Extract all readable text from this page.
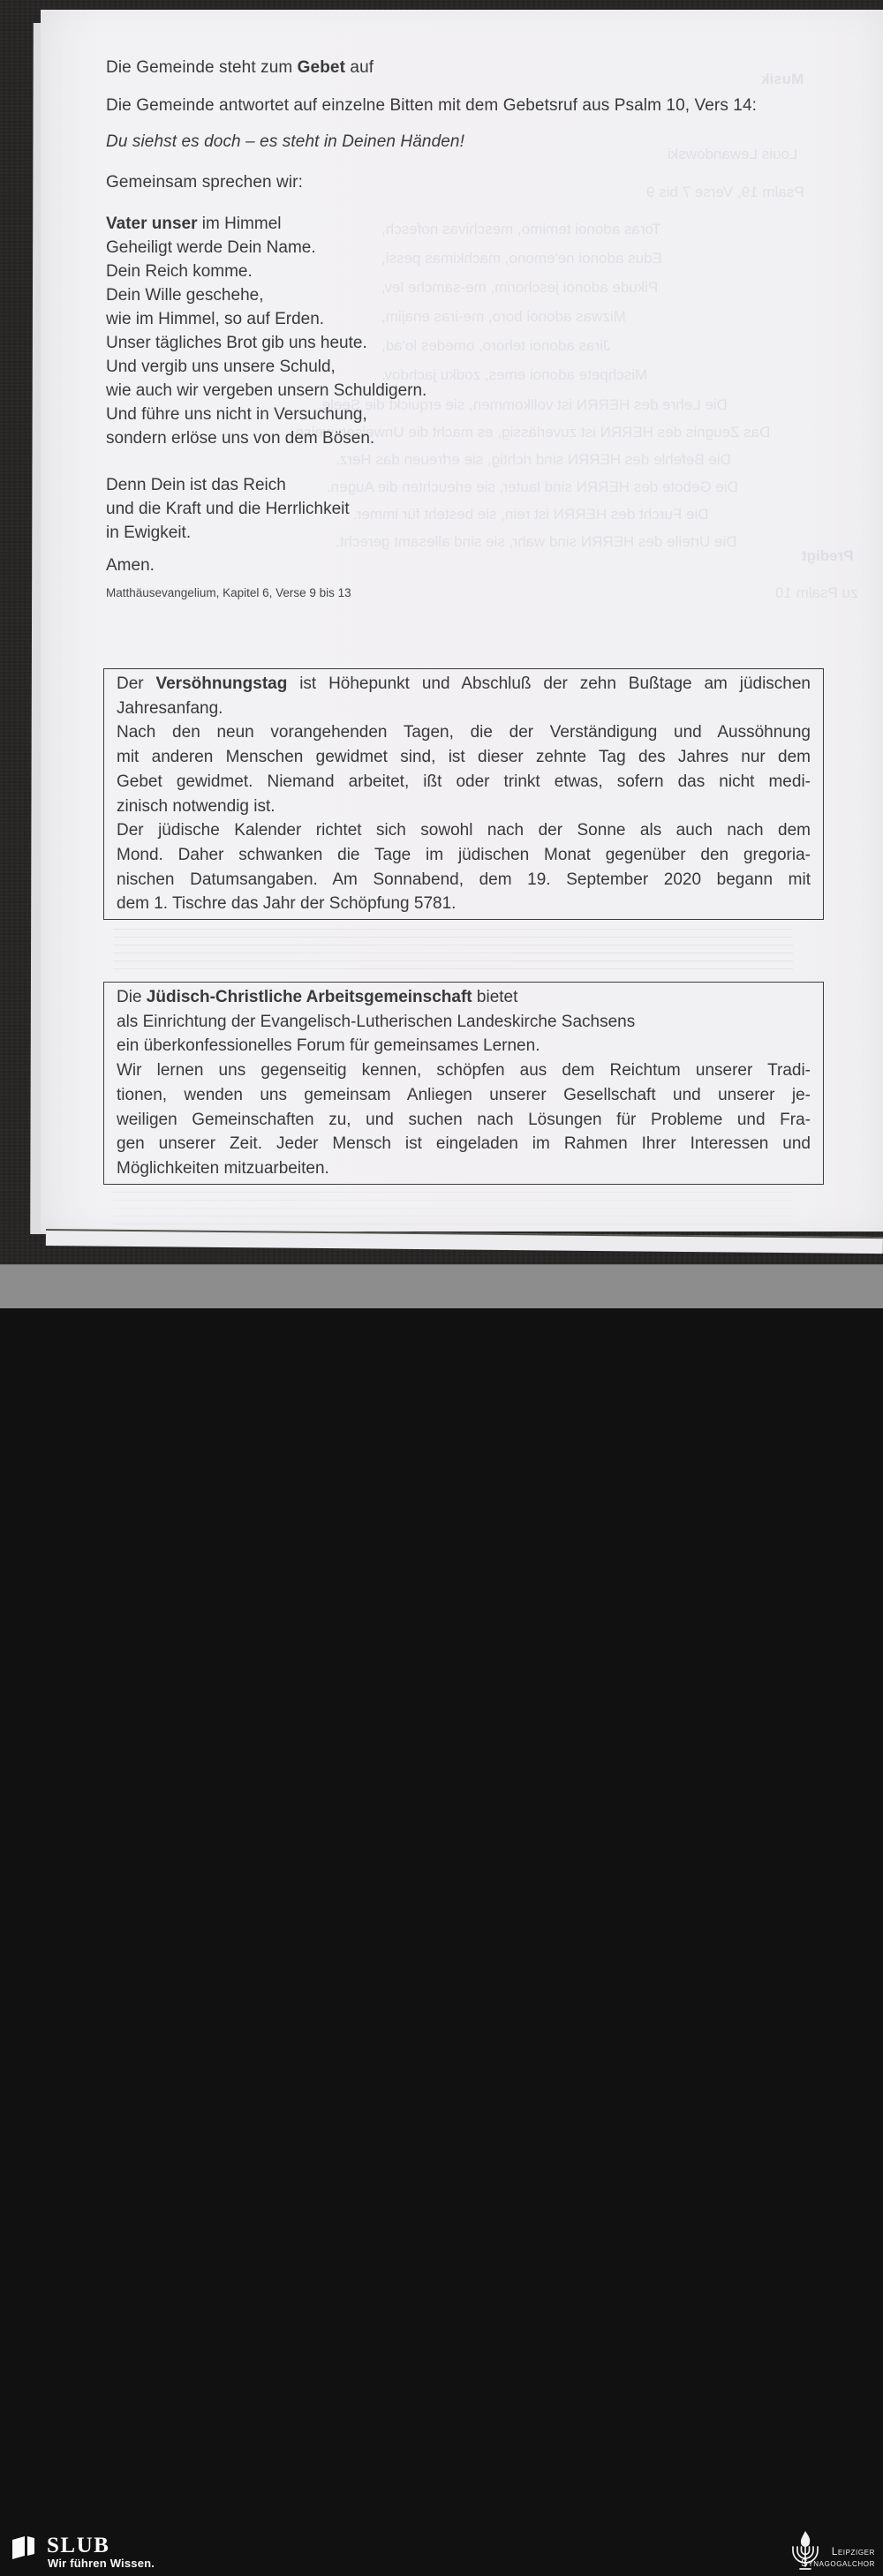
Musik
Louis Lewandowski
Psalm 19, Verse 7 bis 9
Toras adonoi temimo, meschivas nofesch,
Edus adonoi ne'emono, machkimas pessi,
Pikude adonoi jeschorim, me-samche lev,
Mizwas adonoi boro, me-iras enajim,
Jiras adonoi tehoro, omedes lo'ad,
Mischpete adonoi emes, zodku jachdov.
Die Lehre des HERRN ist vollkommen, sie erquickt die Seele.
Das Zeugnis des HERRN ist zuverlässig, es macht die Unweisen weise.
Die Befehle des HERRN sind richtig, sie erfreuen das Herz.
Die Gebote des HERRN sind lauter, sie erleuchten die Augen.
Die Furcht des HERRN ist rein, sie besteht für immer.
Die Urteile des HERRN sind wahr, sie sind allesamt gerecht.
Predigt
zu Psalm 10
Die Gemeinde steht zum Gebet auf
Die Gemeinde antwortet auf einzelne Bitten mit dem Gebetsruf aus Psalm 10, Vers 14:
Du siehst es doch – es steht in Deinen Händen!
Gemeinsam sprechen wir:
Vater unser im Himmel
Geheiligt werde Dein Name.
Dein Reich komme.
Dein Wille geschehe,
wie im Himmel, so auf Erden.
Unser tägliches Brot gib uns heute.
Und vergib uns unsere Schuld,
wie auch wir vergeben unsern Schuldigern.
Und führe uns nicht in Versuchung,
sondern erlöse uns von dem Bösen.
Denn Dein ist das Reich
und die Kraft und die Herrlichkeit
in Ewigkeit.
Amen.
Matthäusevangelium, Kapitel 6, Verse 9 bis 13
Der Versöhnungstag ist Höhepunkt und Abschluß der zehn Bußtage am jüdischen
Jahresanfang.
Nach den neun vorangehenden Tagen, die der Verständigung und Aussöhnung
mit anderen Menschen gewidmet sind, ist dieser zehnte Tag des Jahres nur dem
Gebet gewidmet. Niemand arbeitet, ißt oder trinkt etwas, sofern das nicht medi-
zinisch notwendig ist.
Der jüdische Kalender richtet sich sowohl nach der Sonne als auch nach dem
Mond. Daher schwanken die Tage im jüdischen Monat gegenüber den gregoria-
nischen Datumsangaben. Am Sonnabend, dem 19. September 2020 begann mit
dem 1. Tischre das Jahr der Schöpfung 5781.
Die Jüdisch-Christliche Arbeitsgemeinschaft bietet
als Einrichtung der Evangelisch-Lutherischen Landeskirche Sachsens
ein überkonfessionelles Forum für gemeinsames Lernen.
Wir lernen uns gegenseitig kennen, schöpfen aus dem Reichtum unserer Tradi-
tionen, wenden uns gemeinsam Anliegen unserer Gesellschaft und unserer je-
weiligen Gemeinschaften zu, und suchen nach Lösungen für Probleme und Fra-
gen unserer Zeit. Jeder Mensch ist eingeladen im Rahmen Ihrer Interessen und
Möglichkeiten mitzuarbeiten.
SLUB
Wir führen Wissen.
Leipziger
Synagogalchor
